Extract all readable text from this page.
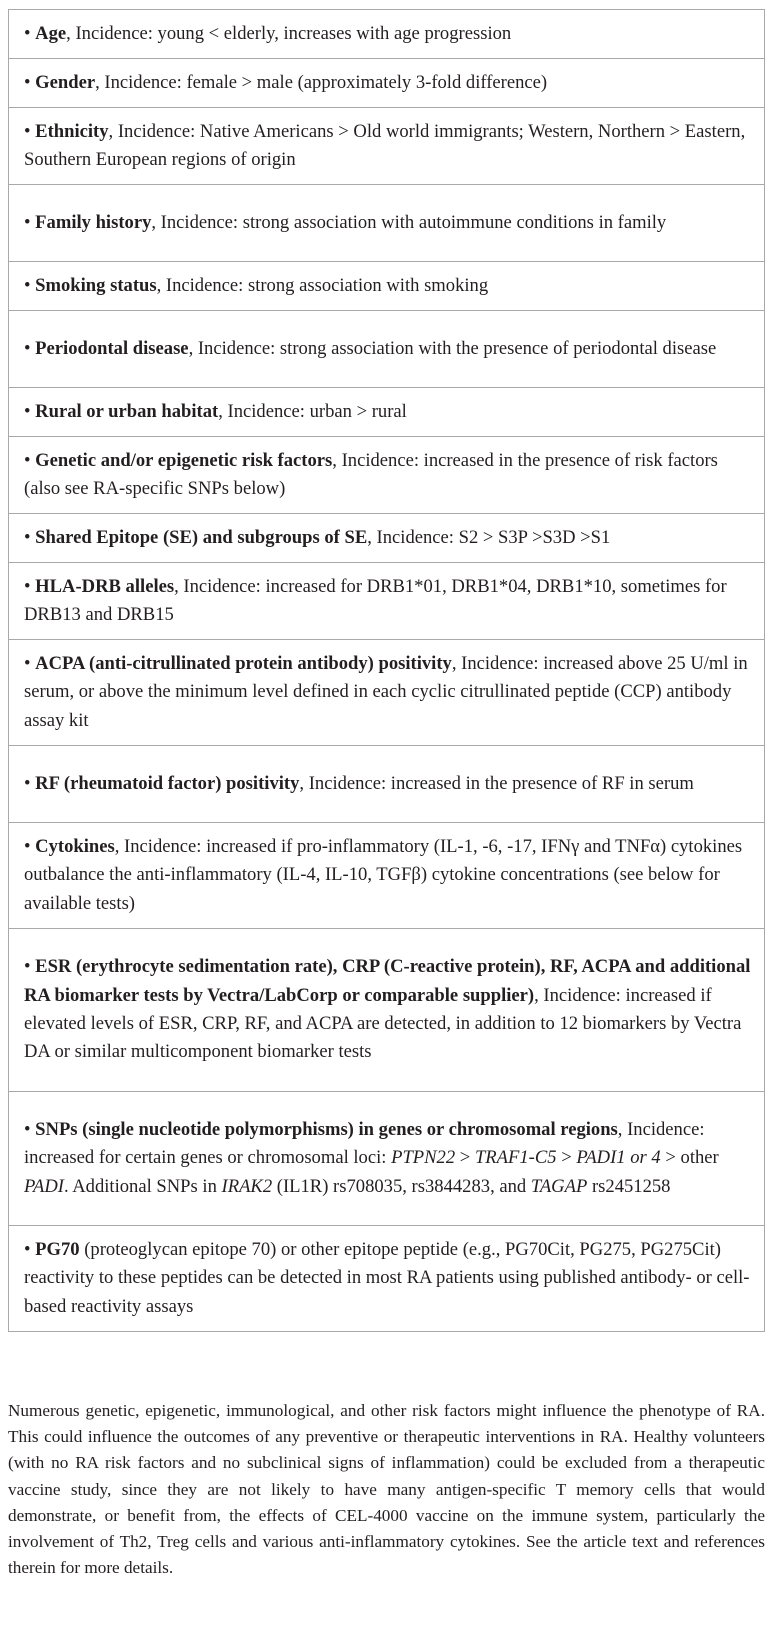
• Age, Incidence: young < elderly, increases with age progression
• Gender, Incidence: female > male (approximately 3-fold difference)
• Ethnicity, Incidence: Native Americans > Old world immigrants; Western, Northern > Eastern, Southern European regions of origin
• Family history, Incidence: strong association with autoimmune conditions in family
• Smoking status, Incidence: strong association with smoking
• Periodontal disease, Incidence: strong association with the presence of periodontal disease
• Rural or urban habitat, Incidence: urban > rural
• Genetic and/or epigenetic risk factors, Incidence: increased in the presence of risk factors (also see RA-specific SNPs below)
• Shared Epitope (SE) and subgroups of SE, Incidence: S2 > S3P >S3D >S1
• HLA-DRB alleles, Incidence: increased for DRB1*01, DRB1*04, DRB1*10, sometimes for DRB13 and DRB15
• ACPA (anti-citrullinated protein antibody) positivity, Incidence: increased above 25 U/ml in serum, or above the minimum level defined in each cyclic citrullinated peptide (CCP) antibody assay kit
• RF (rheumatoid factor) positivity, Incidence: increased in the presence of RF in serum
• Cytokines, Incidence: increased if pro-inflammatory (IL-1, -6, -17, IFNγ and TNFα) cytokines outbalance the anti-inflammatory (IL-4, IL-10, TGFβ) cytokine concentrations (see below for available tests)
• ESR (erythrocyte sedimentation rate), CRP (C-reactive protein), RF, ACPA and additional RA biomarker tests by Vectra/LabCorp or comparable supplier), Incidence: increased if elevated levels of ESR, CRP, RF, and ACPA are detected, in addition to 12 biomarkers by Vectra DA or similar multicomponent biomarker tests
• SNPs (single nucleotide polymorphisms) in genes or chromosomal regions, Incidence: increased for certain genes or chromosomal loci: PTPN22 > TRAF1-C5 > PADI1 or 4 > other PADI. Additional SNPs in IRAK2 (IL1R) rs708035, rs3844283, and TAGAP rs2451258
• PG70 (proteoglycan epitope 70) or other epitope peptide (e.g., PG70Cit, PG275, PG275Cit) reactivity to these peptides can be detected in most RA patients using published antibody- or cell-based reactivity assays

Numerous genetic, epigenetic, immunological, and other risk factors might influence the phenotype of RA. This could influence the outcomes of any preventive or therapeutic interventions in RA. Healthy volunteers (with no RA risk factors and no subclinical signs of inflammation) could be excluded from a therapeutic vaccine study, since they are not likely to have many antigen-specific T memory cells that would demonstrate, or benefit from, the effects of CEL-4000 vaccine on the immune system, particularly the involvement of Th2, Treg cells and various anti-inflammatory cytokines. See the article text and references therein for more details.
